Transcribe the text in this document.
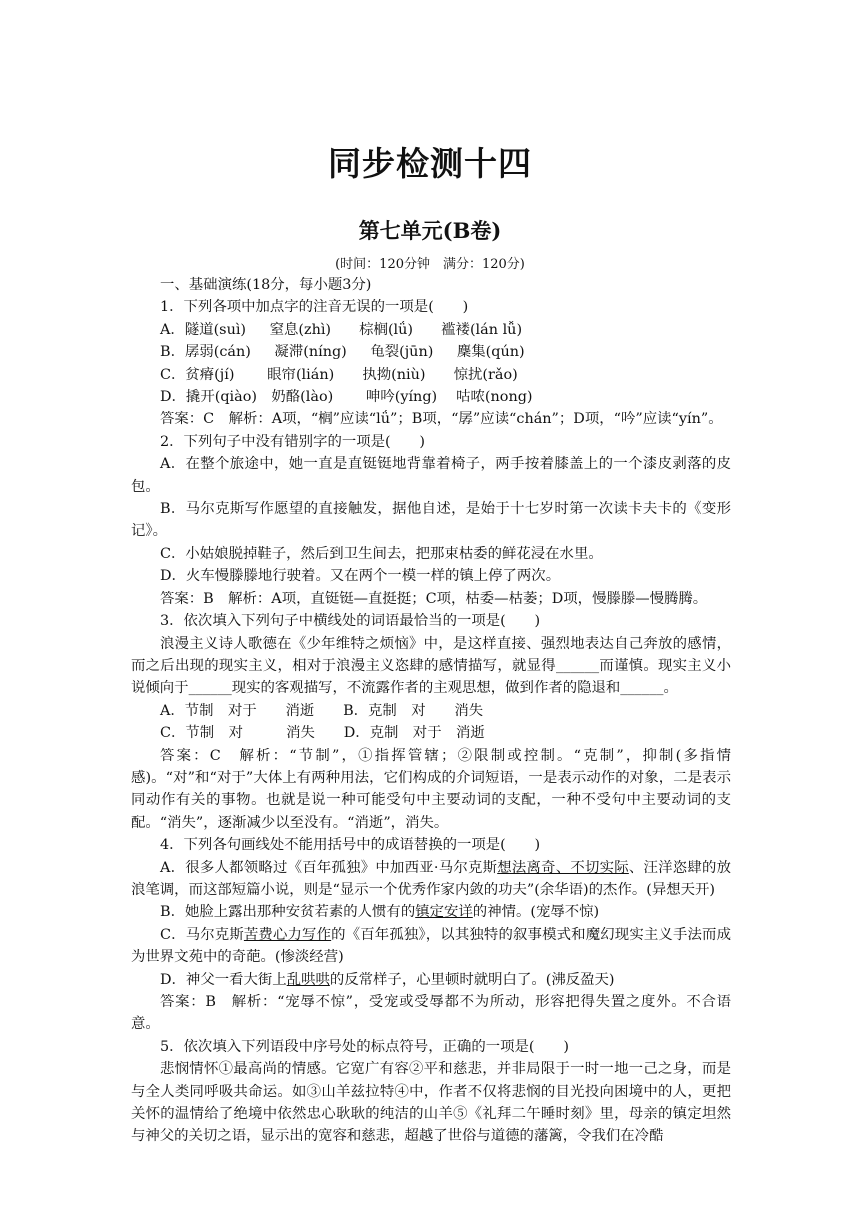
同步检测十四
第七单元(B卷)
(时间：120分钟　满分：120分)

一、基础演练(18分，每小题3分)

1．下列各项中加点字的注音无误的一项是(　　)

A．隧道(suì)　  窒息(zhì)　   棕榈(lǘ)　   褴褛(lán lǚ)

B．孱弱(cán)　  凝滞(níng)　  龟裂(jūn)　  麇集(qún)

C．贫瘠(jí)　    眼帘(lián)　   执拗(niù)　   惊扰(rǎo)

D．撬开(qiào)　奶酪(lào)　    呻吟(yíng)　 咕哝(nong)

答案：C　解析：A项，“榈”应读“lǘ”；B项，“孱”应读“chán”；D项，“吟”应读“yín”。

2．下列句子中没有错别字的一项是(　　)

A．在整个旅途中，她一直是直铤铤地背靠着椅子，两手按着膝盖上的一个漆皮剥落的皮包。

B．马尔克斯写作愿望的直接触发，据他自述，是始于十七岁时第一次读卡夫卡的《变形记》。

C．小姑娘脱掉鞋子，然后到卫生间去，把那束枯委的鲜花浸在水里。

D．火车慢滕滕地行驶着。又在两个一模一样的镇上停了两次。

答案：B　解析：A项，直铤铤—直挺挺；C项，枯委—枯萎；D项，慢滕滕—慢腾腾。

3．依次填入下列句子中横线处的词语最恰当的一项是(　　)

浪漫主义诗人歌德在《少年维特之烦恼》中，是这样直接、强烈地表达自己奔放的感情，而之后出现的现实主义，相对于浪漫主义恣肆的感情描写，就显得______而谨慎。现实主义小说倾向于______现实的客观描写，不流露作者的主观思想，做到作者的隐退和______。

A．节制　对于　　消逝　　B．克制　对　　消失

C．节制　对　　　消失　　D．克制　对于　消逝

答案：C　解析：“节制”，①指挥管辖；②限制或控制。“克制”，抑制(多指情感)。“对”和“对于”大体上有两种用法，它们构成的介词短语，一是表示动作的对象，二是表示同动作有关的事物。也就是说一种可能受句中主要动词的支配，一种不受句中主要动词的支配。“消失”，逐渐减少以至没有。“消逝”，消失。

4．下列各句画线处不能用括号中的成语替换的一项是(　　)

A．很多人都领略过《百年孤独》中加西亚·马尔克斯想法离奇、不切实际、汪洋恣肆的放浪笔调，而这部短篇小说，则是“显示一个优秀作家内敛的功夫”(余华语)的杰作。(异想天开)

B．她脸上露出那种安贫若素的人惯有的镇定安详的神情。(宠辱不惊)

C．马尔克斯苦费心力写作的《百年孤独》，以其独特的叙事模式和魔幻现实主义手法而成为世界文苑中的奇葩。(惨淡经营)

D．神父一看大街上乱哄哄的反常样子，心里顿时就明白了。(沸反盈天)

答案：B　解析：“宠辱不惊”，受宠或受辱都不为所动，形容把得失置之度外。不合语意。

5．依次填入下列语段中序号处的标点符号，正确的一项是(　　)

悲悯情怀①最高尚的情感。它宽广有容②平和慈悲，并非局限于一时一地一己之身，而是与全人类同呼吸共命运。如③山羊兹拉特④中，作者不仅将悲悯的目光投向困境中的人，更把关怀的温情给了绝境中依然忠心耿耿的纯洁的山羊⑤《礼拜二午睡时刻》里，母亲的镇定坦然与神父的关切之语，显示出的宽容和慈悲，超越了世俗与道德的藩篱，令我们在冷酷
